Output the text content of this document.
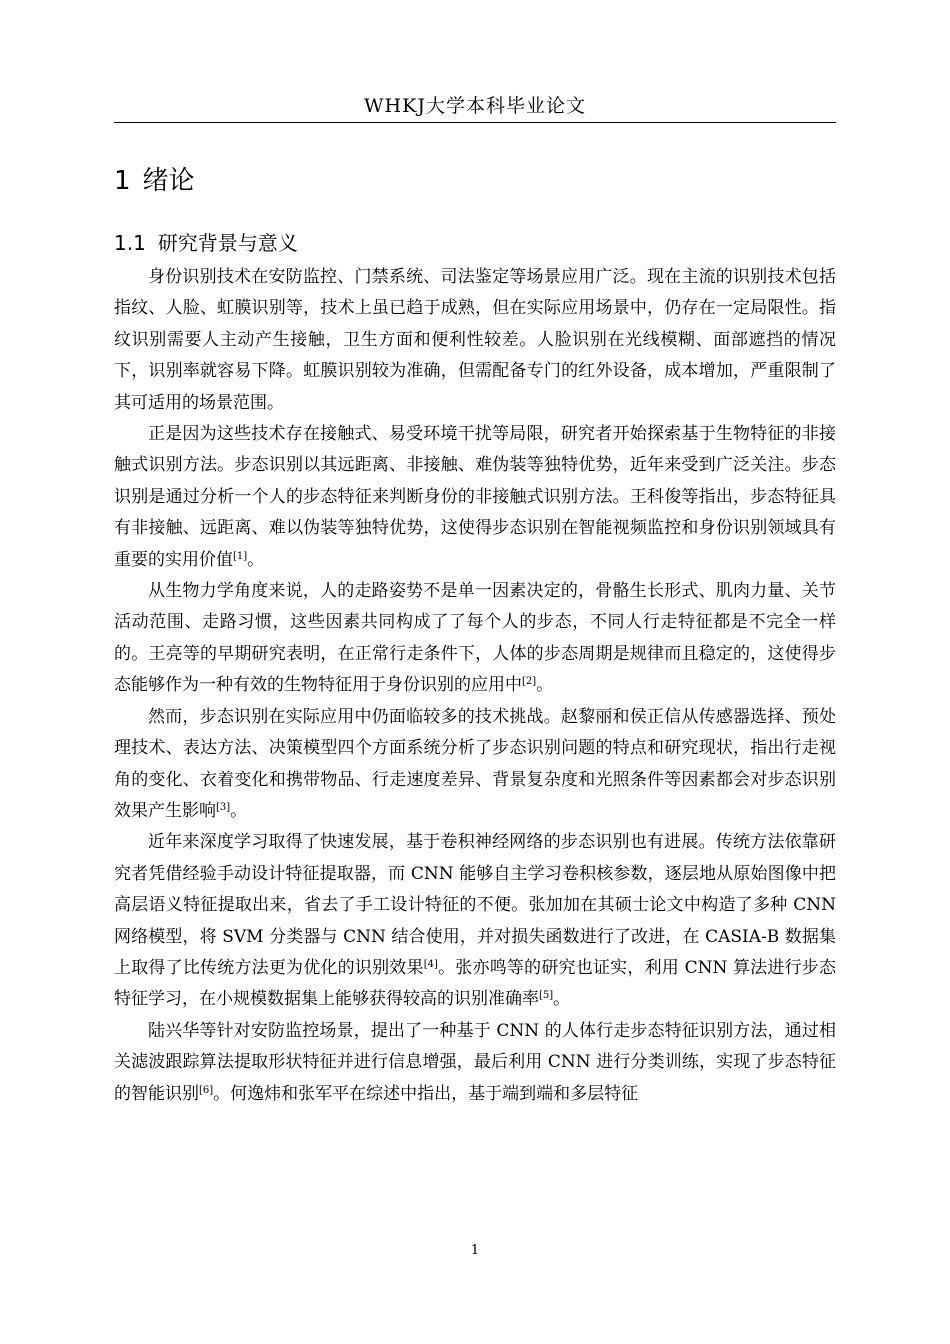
WHKJ大学本科毕业论文
1 绪论
1.1 研究背景与意义

身份识别技术在安防监控、门禁系统、司法鉴定等场景应用广泛。现在主流的识别技术包括指纹、人脸、虹膜识别等，技术上虽已趋于成熟，但在实际应用场景中，仍存在一定局限性。指纹识别需要人主动产生接触，卫生方面和便利性较差。人脸识别在光线模糊、面部遮挡的情况下，识别率就容易下降。虹膜识别较为准确，但需配备专门的红外设备，成本增加，严重限制了其可适用的场景范围。

正是因为这些技术存在接触式、易受环境干扰等局限，研究者开始探索基于生物特征的非接触式识别方法。步态识别以其远距离、非接触、难伪装等独特优势，近年来受到广泛关注。步态识别是通过分析一个人的步态特征来判断身份的非接触式识别方法。王科俊等指出，步态特征具有非接触、远距离、难以伪装等独特优势，这使得步态识别在智能视频监控和身份识别领域具有重要的实用价值[1]。

从生物力学角度来说，人的走路姿势不是单一因素决定的，骨骼生长形式、肌肉力量、关节活动范围、走路习惯，这些因素共同构成了了每个人的步态，不同人行走特征都是不完全一样的。王亮等的早期研究表明，在正常行走条件下，人体的步态周期是规律而且稳定的，这使得步态能够作为一种有效的生物特征用于身份识别的应用中[2]。

然而，步态识别在实际应用中仍面临较多的技术挑战。赵黎丽和侯正信从传感器选择、预处理技术、表达方法、决策模型四个方面系统分析了步态识别问题的特点和研究现状，指出行走视角的变化、衣着变化和携带物品、行走速度差异、背景复杂度和光照条件等因素都会对步态识别效果产生影响[3]。

近年来深度学习取得了快速发展，基于卷积神经网络的步态识别也有进展。传统方法依靠研究者凭借经验手动设计特征提取器，而 CNN 能够自主学习卷积核参数，逐层地从原始图像中把高层语义特征提取出来，省去了手工设计特征的不便。张加加在其硕士论文中构造了多种 CNN 网络模型，将 SVM 分类器与 CNN 结合使用，并对损失函数进行了改进，在 CASIA-B 数据集上取得了比传统方法更为优化的识别效果[4]。张亦鸣等的研究也证实，利用 CNN 算法进行步态特征学习，在小规模数据集上能够获得较高的识别准确率[5]。

陆兴华等针对安防监控场景，提出了一种基于 CNN 的人体行走步态特征识别方法，通过相关滤波跟踪算法提取形状特征并进行信息增强，最后利用 CNN 进行分类训练，实现了步态特征的智能识别[6]。何逸炜和张军平在综述中指出，基于端到端和多层特征

1
